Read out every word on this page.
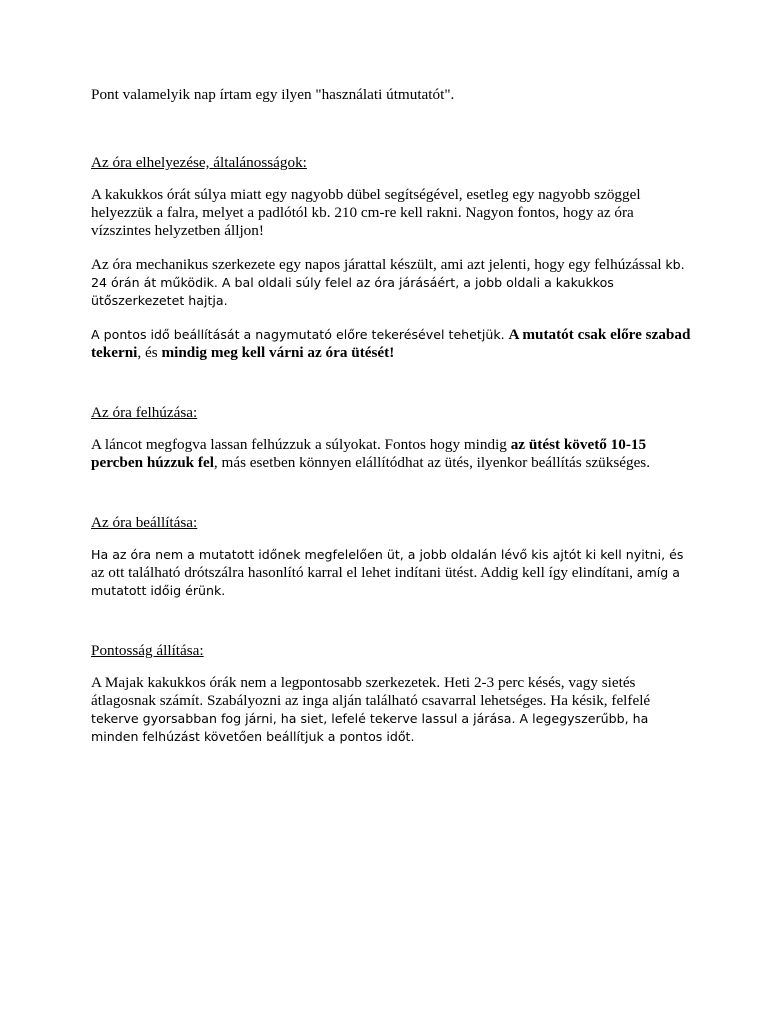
Pont valamelyik nap írtam egy ilyen "használati útmutatót".

Az óra elhelyezése, általánosságok:

A kakukkos órát súlya miatt egy nagyobb dübel segítségével, esetleg egy nagyobb szöggel helyezzük a falra, melyet a padlótól kb. 210 cm-re kell rakni. Nagyon fontos, hogy az óra vízszintes helyzetben álljon!

Az óra mechanikus szerkezete egy napos járattal készült, ami azt jelenti, hogy egy felhúzással kb. 24 órán át működik. A bal oldali súly felel az óra járásáért, a jobb oldali a kakukkos ütőszerkezetet hajtja.

A pontos idő beállítását a nagymutató előre tekerésével tehetjük. A mutatót csak előre szabad tekerni, és mindig meg kell várni az óra ütését!

Az óra felhúzása:

A láncot megfogva lassan felhúzzuk a súlyokat. Fontos hogy mindig az ütést követő 10-15 percben húzzuk fel, más esetben könnyen elállítódhat az ütés, ilyenkor beállítás szükséges.

Az óra beállítása:

Ha az óra nem a mutatott időnek megfelelően üt, a jobb oldalán lévő kis ajtót ki kell nyitni, és az ott található drótszálra hasonlító karral el lehet indítani ütést. Addig kell így elindítani, amíg a mutatott időig érünk.

Pontosság állítása:

A Majak kakukkos órák nem a legpontosabb szerkezetek. Heti 2-3 perc késés, vagy sietés átlagosnak számít. Szabályozni az inga alján található csavarral lehetséges. Ha késik, felfelé tekerve gyorsabban fog járni, ha siet, lefelé tekerve lassul a járása. A legegyszerűbb, ha minden felhúzást követően beállítjuk a pontos időt.
